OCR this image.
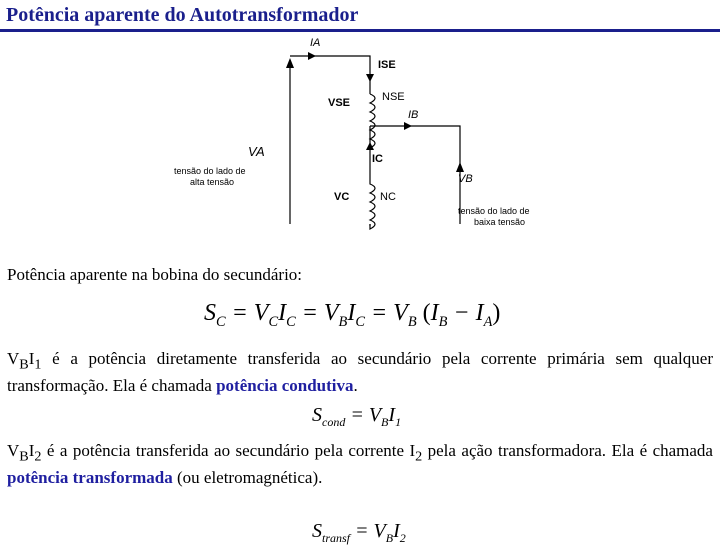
Potência aparente do Autotransformador
IA
ISE
NSE
VSE
IB
VA	IC
VB
VC	NC
tensão do lado de
alta tensão
tensão do lado de
baixa tensão
Potência aparente na bobina do secundário:
$S_C = V_CI_C = V_BI_C = V_B$ $(I_B - I_A)$
$V_BI_1$ é a potência diretamente transferida ao secundário pela corrente primária sem qualquer transformação. Ela é chamada potência condutiva.
$S_{cond} = V_BI_1$
$V_BI_2$ é a potência transferida ao secundário pela corrente $I_2$ pela ação transformadora. Ela é chamada potência transformada (ou eletromagnética).
$S_{transf} = V_BI_2$
